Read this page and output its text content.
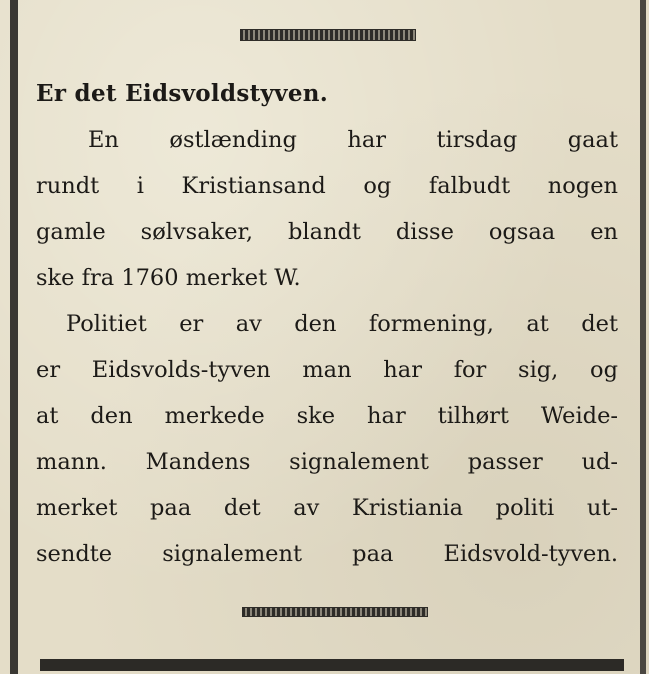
Er det Eidsvoldstyven.
En østlænding har tirsdag gaat
rundt i Kristiansand og falbudt nogen
gamle sølvsaker, blandt disse ogsaa en
ske fra 1760 merket W.
Politiet er av den formening, at det
er Eidsvolds-tyven man har for sig, og
at den merkede ske har tilhørt Weide-
mann. Mandens signalement passer ud-
merket paa det av Kristiania politi ut-
sendte signalement paa Eidsvold-tyven.
